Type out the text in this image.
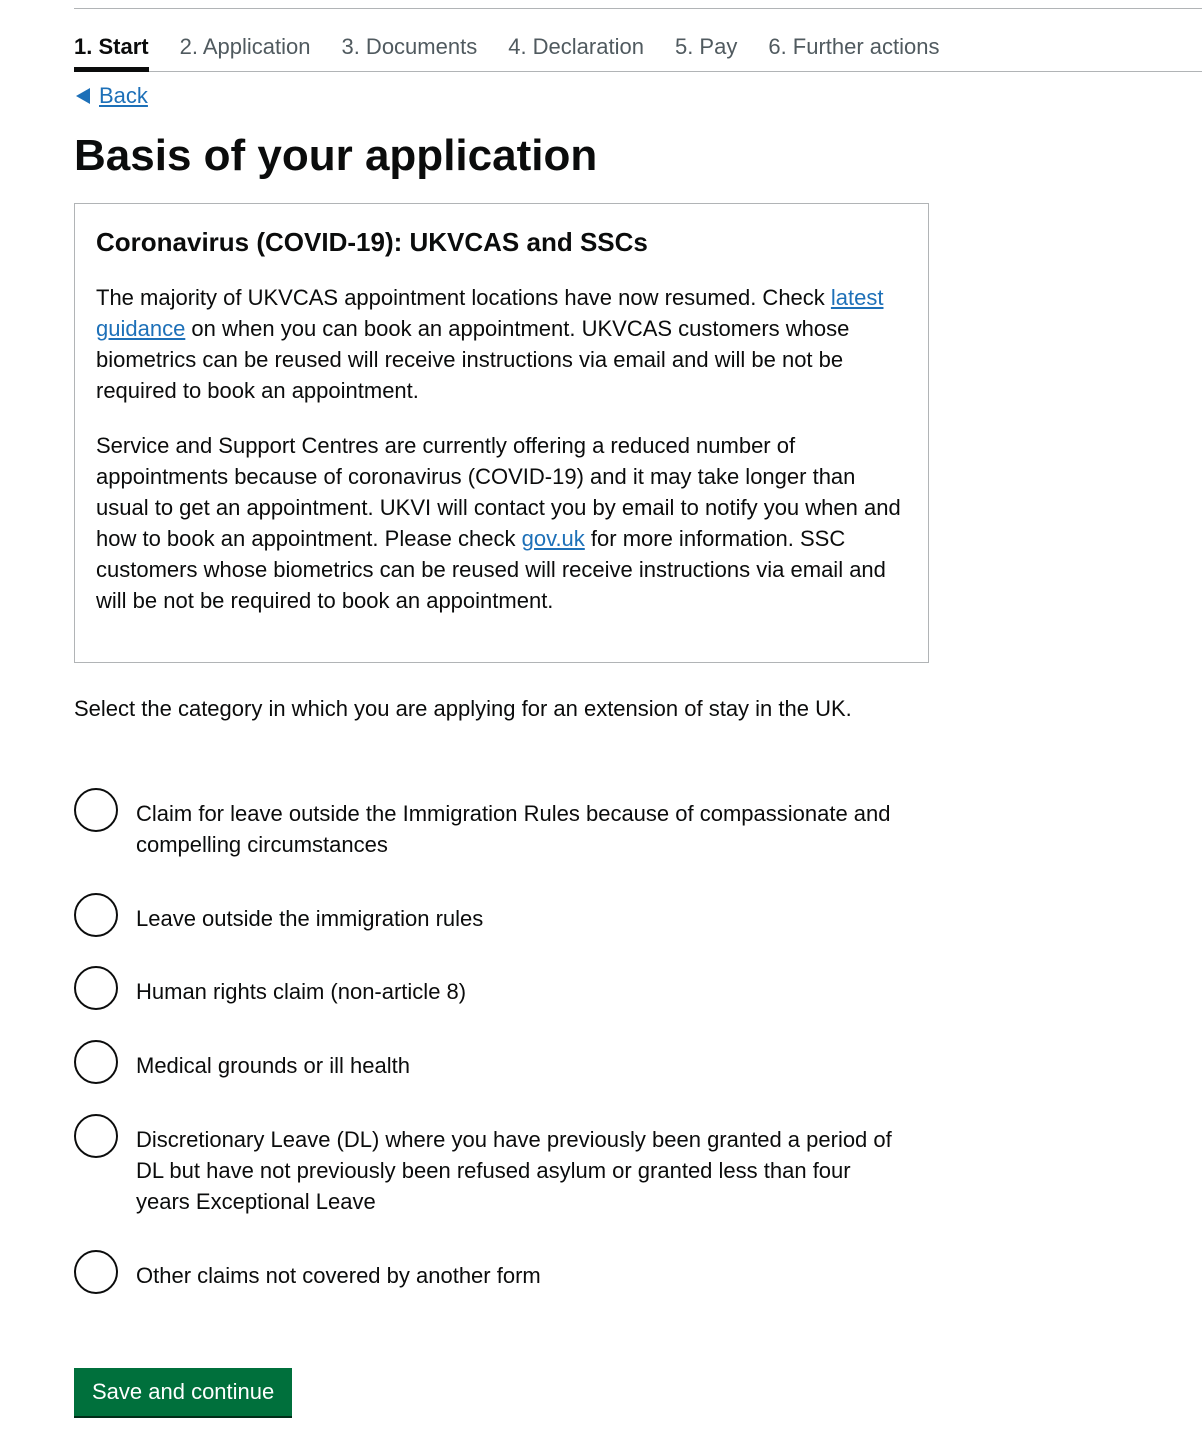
1. Start 2. Application 3. Documents 4. Declaration 5. Pay 6. Further actions
Back
Basis of your application
Coronavirus (COVID-19): UKVCAS and SSCs

The majority of UKVCAS appointment locations have now resumed. Check latest guidance on when you can book an appointment. UKVCAS customers whose biometrics can be reused will receive instructions via email and will be not be required to book an appointment.

Service and Support Centres are currently offering a reduced number of appointments because of coronavirus (COVID-19) and it may take longer than usual to get an appointment. UKVI will contact you by email to notify you when and how to book an appointment. Please check gov.uk for more information. SSC customers whose biometrics can be reused will receive instructions via email and will be not be required to book an appointment.

Select the category in which you are applying for an extension of stay in the UK.

Claim for leave outside the Immigration Rules because of compassionate and compelling circumstances
Leave outside the immigration rules
Human rights claim (non-article 8)
Medical grounds or ill health
Discretionary Leave (DL) where you have previously been granted a period of DL but have not previously been refused asylum or granted less than four years Exceptional Leave
Other claims not covered by another form
Save and continue
